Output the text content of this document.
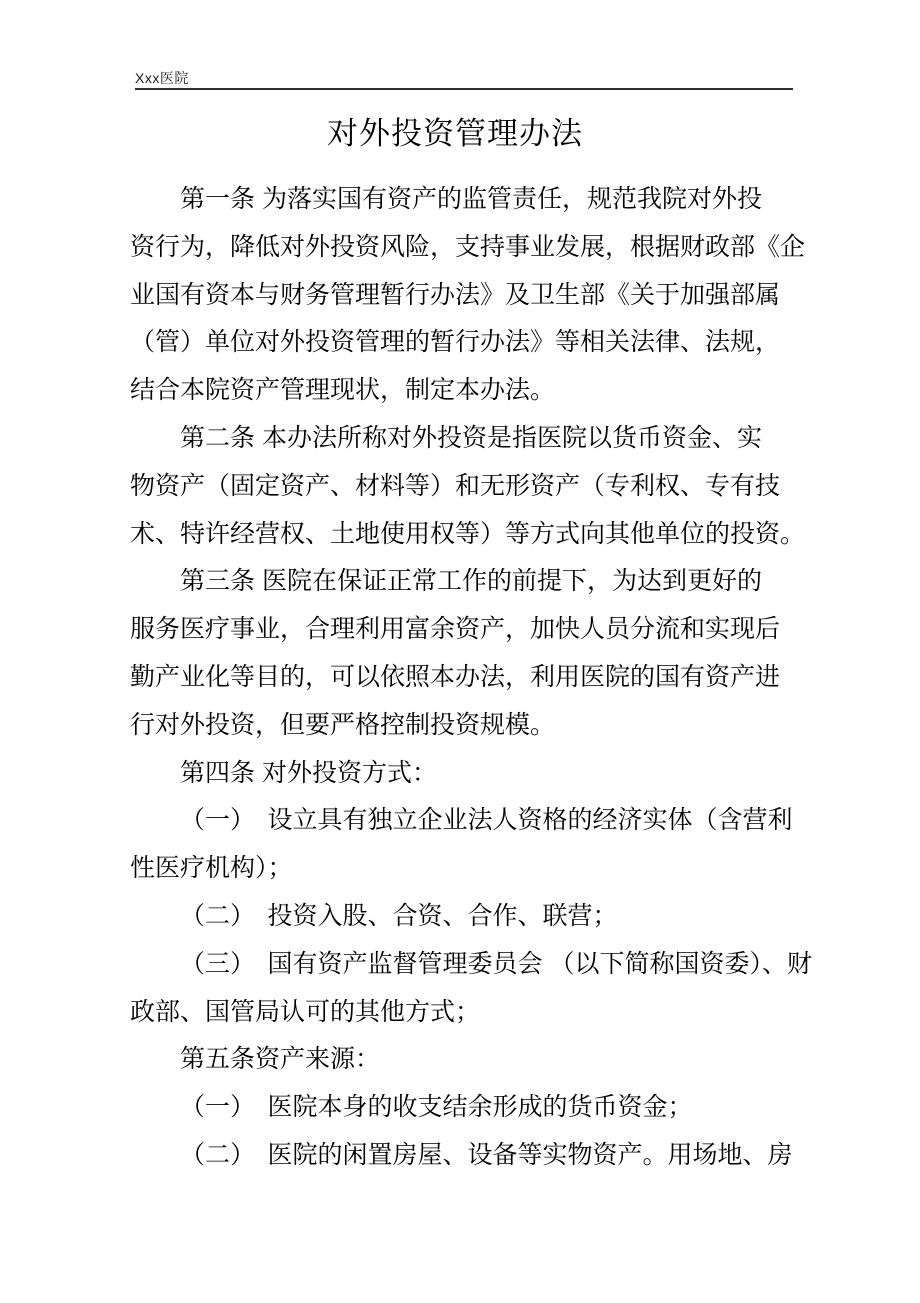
Xxx医院
对外投资管理办法
第一条 为落实国有资产的监管责任，规范我院对外投
资行为，降低对外投资风险，支持事业发展，根据财政部《企
业国有资本与财务管理暂行办法》及卫生部《关于加强部属
（管）单位对外投资管理的暂行办法》等相关法律、法规，
结合本院资产管理现状，制定本办法。
第二条 本办法所称对外投资是指医院以货币资金、实
物资产（固定资产、材料等）和无形资产（专利权、专有技
术、特许经营权、土地使用权等）等方式向其他单位的投资。
第三条 医院在保证正常工作的前提下，为达到更好的
服务医疗事业，合理利用富余资产，加快人员分流和实现后
勤产业化等目的，可以依照本办法，利用医院的国有资产进
行对外投资，但要严格控制投资规模。
第四条 对外投资方式：
（一）　设立具有独立企业法人资格的经济实体（含营利
性医疗机构）；
（二）　投资入股、合资、合作、联营；
（三）　国有资产监督管理委员会 （以下简称国资委）、财
政部、国管局认可的其他方式；
第五条资产来源：
（一）　医院本身的收支结余形成的货币资金；
（二）　医院的闲置房屋、设备等实物资产。用场地、房
